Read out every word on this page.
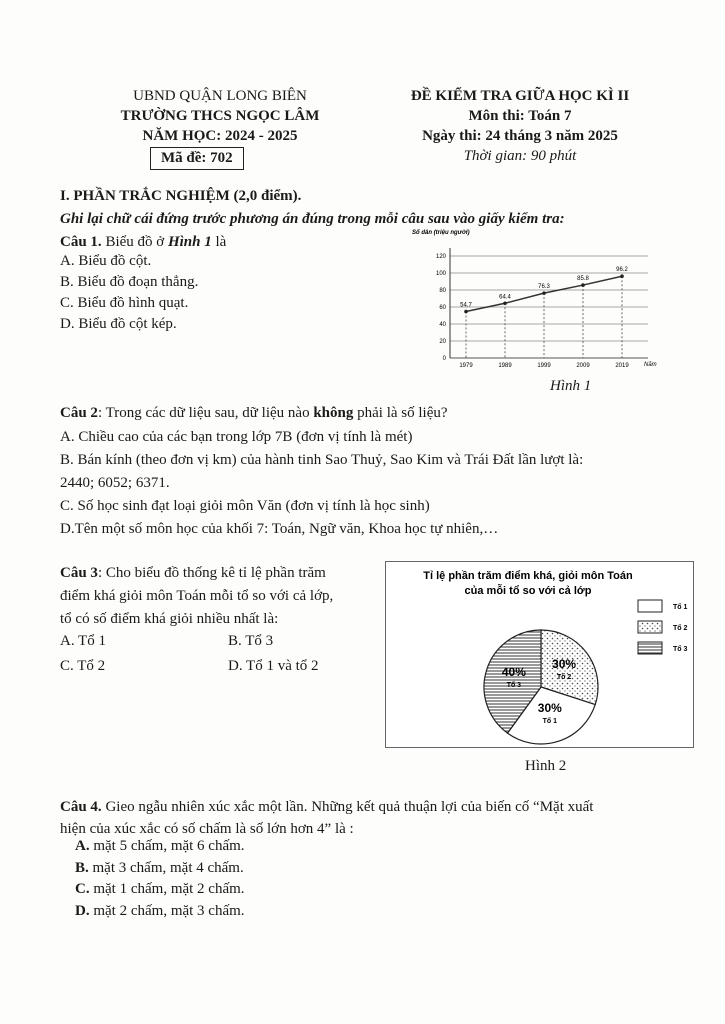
UBND QUẬN LONG BIÊN
TRƯỜNG THCS NGỌC LÂM
NĂM HỌC: 2024 - 2025
Mã đề: 702
ĐỀ KIỂM TRA GIỮA HỌC KÌ II
Môn thi: Toán 7
Ngày thi: 24 tháng 3 năm 2025
Thời gian: 90 phút
I. PHẦN TRẮC NGHIỆM (2,0 điểm).
Ghi lại chữ cái đứng trước phương án đúng trong mỗi câu sau vào giấy kiểm tra:
Câu 1. Biểu đồ ở Hình 1 là
A. Biểu đồ cột.
B. Biểu đồ đoạn thẳng.
C. Biểu đồ hình quạt.
D. Biểu đồ cột kép.
Số dân (triệu người)
0
20
40
60
80
100
120
1979	1989	1999	2009	2019
54.7
64.4
76.3
85.8
96.2
Năm
Hình 1
Câu 2: Trong các dữ liệu sau, dữ liệu nào không phải là số liệu?
A. Chiều cao của các bạn trong lớp 7B (đơn vị tính là mét)
B. Bán kính (theo đơn vị km) của hành tinh Sao Thuỷ, Sao Kim và Trái Đất lần lượt là:
2440; 6052; 6371.
C. Số học sinh đạt loại giỏi môn Văn (đơn vị tính là học sinh)
D.Tên một số môn học của khối 7: Toán, Ngữ văn, Khoa học tự nhiên,…
Câu 3: Cho biểu đồ thống kê tỉ lệ phần trăm
điểm khá giỏi môn Toán mỗi tổ so với cả lớp,
tổ có số điểm khá giỏi nhiều nhất là:
A. Tổ 1	B. Tổ 3
C. Tổ 2	D. Tổ 1 và tổ 2
Tỉ lệ phần trăm điểm khá, giỏi môn Toán
của mỗi tổ so với cả lớp
30%
Tổ 2
30%
Tổ 1
40%
Tổ 3
Tổ 1
Tổ 2
Tổ 3
Hình 2
Câu 4. Gieo ngẫu nhiên xúc xắc một lần. Những kết quả thuận lợi của biến cố “Mặt xuất
hiện của xúc xắc có số chấm là số lớn hơn 4” là :
A. mặt 5 chấm, mặt 6 chấm.
B. mặt 3 chấm, mặt 4 chấm.
C. mặt 1 chấm, mặt 2 chấm.
D. mặt 2 chấm, mặt 3 chấm.
